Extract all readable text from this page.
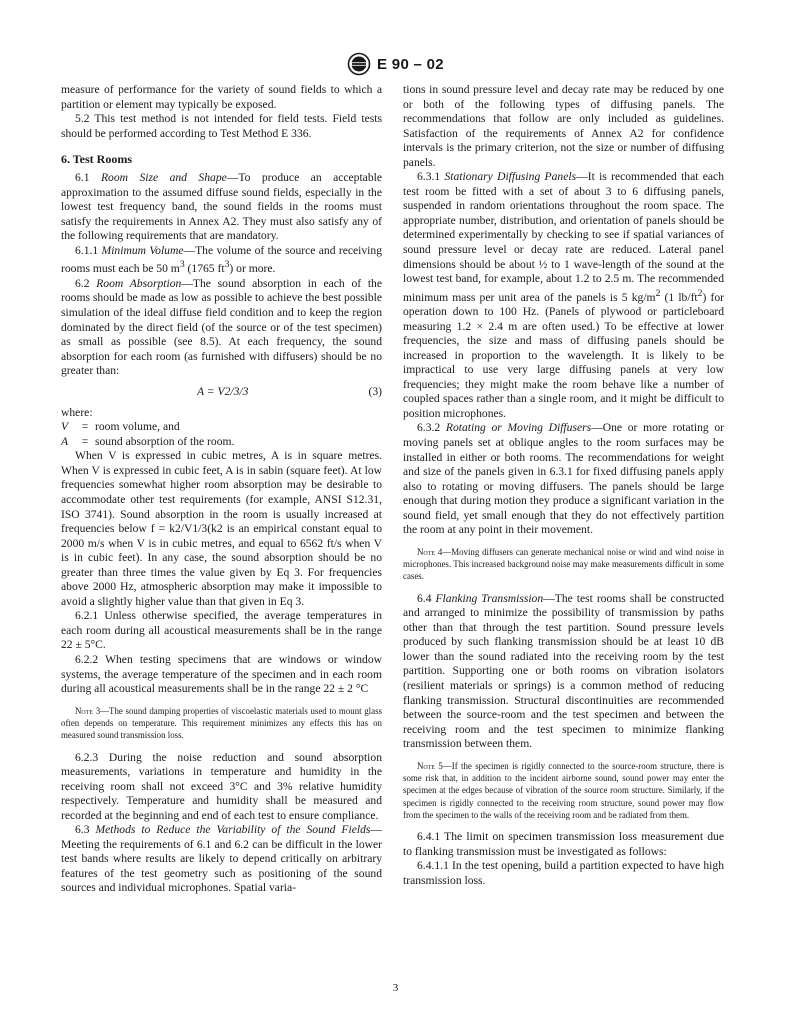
E 90 – 02

measure of performance for the variety of sound fields to which a partition or element may typically be exposed.

5.2 This test method is not intended for field tests. Field tests should be performed according to Test Method E 336.

6. Test Rooms

6.1 Room Size and Shape—To produce an acceptable approximation to the assumed diffuse sound fields, especially in the lowest test frequency band, the sound fields in the rooms must satisfy the requirements in Annex A2. They must also satisfy any of the following requirements that are mandatory.

6.1.1 Minimum Volume—The volume of the source and receiving rooms must each be 50 $m^3$ (1765 $ft^3$) or more.

6.2 Room Absorption—The sound absorption in each of the rooms should be made as low as possible to achieve the best possible simulation of the ideal diffuse field condition and to keep the region dominated by the direct field (of the source or of the test specimen) as small as possible (see 8.5). At each frequency, the sound absorption for each room (as furnished with diffusers) should be no greater than:

A = V2/3/3	(3)

where:

V	= room volume, and
A	= sound absorption of the room.

When V is expressed in cubic metres, A is in square metres. When V is expressed in cubic feet, A is in sabin (square feet). At low frequencies somewhat higher room absorption may be desirable to accommodate other test requirements (for example, ANSI S12.31, ISO 3741). Sound absorption in the room is usually increased at frequencies below f = k2/V1/3(k2 is an empirical constant equal to 2000 m/s when V is in cubic metres, and equal to 6562 ft/s when V is in cubic feet). In any case, the sound absorption should be no greater than three times the value given by Eq 3. For frequencies above 2000 Hz, atmospheric absorption may make it impossible to avoid a slightly higher value than that given in Eq 3.

6.2.1 Unless otherwise specified, the average temperatures in each room during all acoustical measurements shall be in the range 22 ± 5°C.

6.2.2 When testing specimens that are windows or window systems, the average temperature of the specimen and in each room during all acoustical measurements shall be in the range 22 ± 2 °C

Note 3—The sound damping properties of viscoelastic materials used to mount glass often depends on temperature. This requirement minimizes any effects this has on measured sound transmission loss.

6.2.3 During the noise reduction and sound absorption measurements, variations in temperature and humidity in the receiving room shall not exceed 3°C and 3% relative humidity respectively. Temperature and humidity shall be measured and recorded at the beginning and end of each test to ensure compliance.

6.3 Methods to Reduce the Variability of the Sound Fields— Meeting the requirements of 6.1 and 6.2 can be difficult in the lower test bands where results are likely to depend critically on arbitrary features of the test geometry such as positioning of the sound sources and individual microphones. Spatial varia-

tions in sound pressure level and decay rate may be reduced by one or both of the following types of diffusing panels. The recommendations that follow are only included as guidelines. Satisfaction of the requirements of Annex A2 for confidence intervals is the primary criterion, not the size or number of diffusing panels.

6.3.1 Stationary Diffusing Panels—It is recommended that each test room be fitted with a set of about 3 to 6 diffusing panels, suspended in random orientations throughout the room space. The appropriate number, distribution, and orientation of panels should be determined experimentally by checking to see if spatial variances of sound pressure level or decay rate are reduced. Lateral panel dimensions should be about ½ to 1 wave-length of the sound at the lowest test band, for example, about 1.2 to 2.5 m. The recommended minimum mass per unit area of the panels is 5 $kg/m^2$ (1 $lb/ft^2$) for operation down to 100 Hz. (Panels of plywood or particleboard measuring 1.2 × 2.4 m are often used.) To be effective at lower frequencies, the size and mass of diffusing panels should be increased in proportion to the wavelength. It is likely to be impractical to use very large diffusing panels at very low frequencies; they might make the room behave like a number of coupled spaces rather than a single room, and it might be difficult to position microphones.

6.3.2 Rotating or Moving Diffusers—One or more rotating or moving panels set at oblique angles to the room surfaces may be installed in either or both rooms. The recommendations for weight and size of the panels given in 6.3.1 for fixed diffusing panels apply also to rotating or moving diffusers. The panels should be large enough that during motion they produce a significant variation in the sound field, yet small enough that they do not effectively partition the room at any point in their movement.

Note 4—Moving diffusers can generate mechanical noise or wind and wind noise in microphones. This increased background noise may make measurements difficult in some cases.

6.4 Flanking Transmission—The test rooms shall be constructed and arranged to minimize the possibility of transmission by paths other than that through the test partition. Sound pressure levels produced by such flanking transmission should be at least 10 dB lower than the sound radiated into the receiving room by the test partition. Supporting one or both rooms on vibration isolators (resilient materials or springs) is a common method of reducing flanking transmission. Structural discontinuities are recommended between the source-room and the test specimen and between the receiving room and the test specimen to minimize flanking transmission between them.

Note 5—If the specimen is rigidly connected to the source-room structure, there is some risk that, in addition to the incident airborne sound, sound power may enter the specimen at the edges because of vibration of the source room structure. Similarly, if the specimen is rigidly connected to the receiving room structure, sound power may flow from the specimen to the walls of the receiving room and be radiated from them.

6.4.1 The limit on specimen transmission loss measurement due to flanking transmission must be investigated as follows:

6.4.1.1 In the test opening, build a partition expected to have high transmission loss.

3
